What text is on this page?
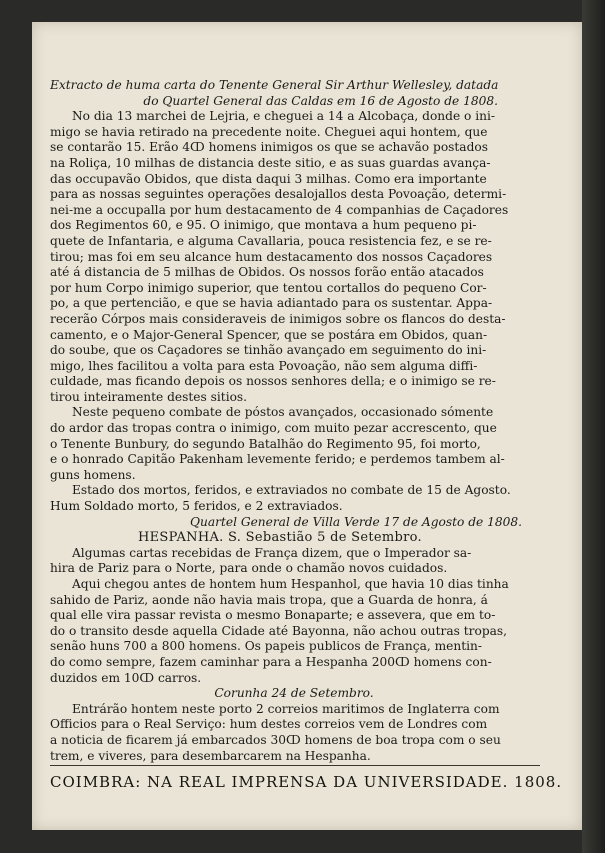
Extracto de huma carta do Tenente General Sir Arthur Wellesley, datada
do Quartel General das Caldas em 16 de Agosto de 1808.
No dia 13 marchei de Lejria, e cheguei a 14 a Alcobaça, donde o ini-
migo se havia retirado na precedente noite. Cheguei aqui hontem, que
se contarão 15. Erão 4ↀ homens inimigos os que se achavão postados
na Roliça, 10 milhas de distancia deste sitio, e as suas guardas avança-
das occupavão Obidos, que dista daqui 3 milhas. Como era importante
para as nossas seguintes operações desalojallos desta Povoação, determi-
nei-me a occupalla por hum destacamento de 4 companhias de Caçadores
dos Regimentos 60, e 95. O inimigo, que montava a hum pequeno pi-
quete de Infantaria, e alguma Cavallaria, pouca resistencia fez, e se re-
tirou; mas foi em seu alcance hum destacamento dos nossos Caçadores
até á distancia de 5 milhas de Obidos. Os nossos forão então atacados
por hum Corpo inimigo superior, que tentou cortallos do pequeno Cor-
po, a que pertencião, e que se havia adiantado para os sustentar. Appa-
recerão Córpos mais consideraveis de inimigos sobre os flancos do desta-
camento, e o Major-General Spencer, que se postára em Obidos, quan-
do soube, que os Caçadores se tinhão avançado em seguimento do ini-
migo, lhes facilitou a volta para esta Povoação, não sem alguma diffi-
culdade, mas ficando depois os nossos senhores della; e o inimigo se re-
tirou inteiramente destes sitios.
Neste pequeno combate de póstos avançados, occasionado sómente
do ardor das tropas contra o inimigo, com muito pezar accrescento, que
o Tenente Bunbury, do segundo Batalhão do Regimento 95, foi morto,
e o honrado Capitão Pakenham levemente ferido; e perdemos tambem al-
guns homens.
Estado dos mortos, feridos, e extraviados no combate de 15 de Agosto.
Hum Soldado morto, 5 feridos, e 2 extraviados.
Quartel General de Villa Verde 17 de Agosto de 1808.
HESPANHA. S. Sebastião 5 de Setembro.
Algumas cartas recebidas de França dizem, que o Imperador sa-
hira de Pariz para o Norte, para onde o chamão novos cuidados.
Aqui chegou antes de hontem hum Hespanhol, que havia 10 dias tinha
sahido de Pariz, aonde não havia mais tropa, que a Guarda de honra, á
qual elle vira passar revista o mesmo Bonaparte; e assevera, que em to-
do o transito desde aquella Cidade até Bayonna, não achou outras tropas,
senão huns 700 a 800 homens. Os papeis publicos de França, mentin-
do como sempre, fazem caminhar para a Hespanha 200ↀ homens con-
duzidos em 10ↀ carros.
Corunha 24 de Setembro.
Entrárão hontem neste porto 2 correios maritimos de Inglaterra com
Officios para o Real Serviço: hum destes correios vem de Londres com
a noticia de ficarem já embarcados 30ↀ homens de boa tropa com o seu
trem, e viveres, para desembarcarem na Hespanha.
COIMBRA: NA REAL IMPRENSA DA UNIVERSIDADE. 1808.
